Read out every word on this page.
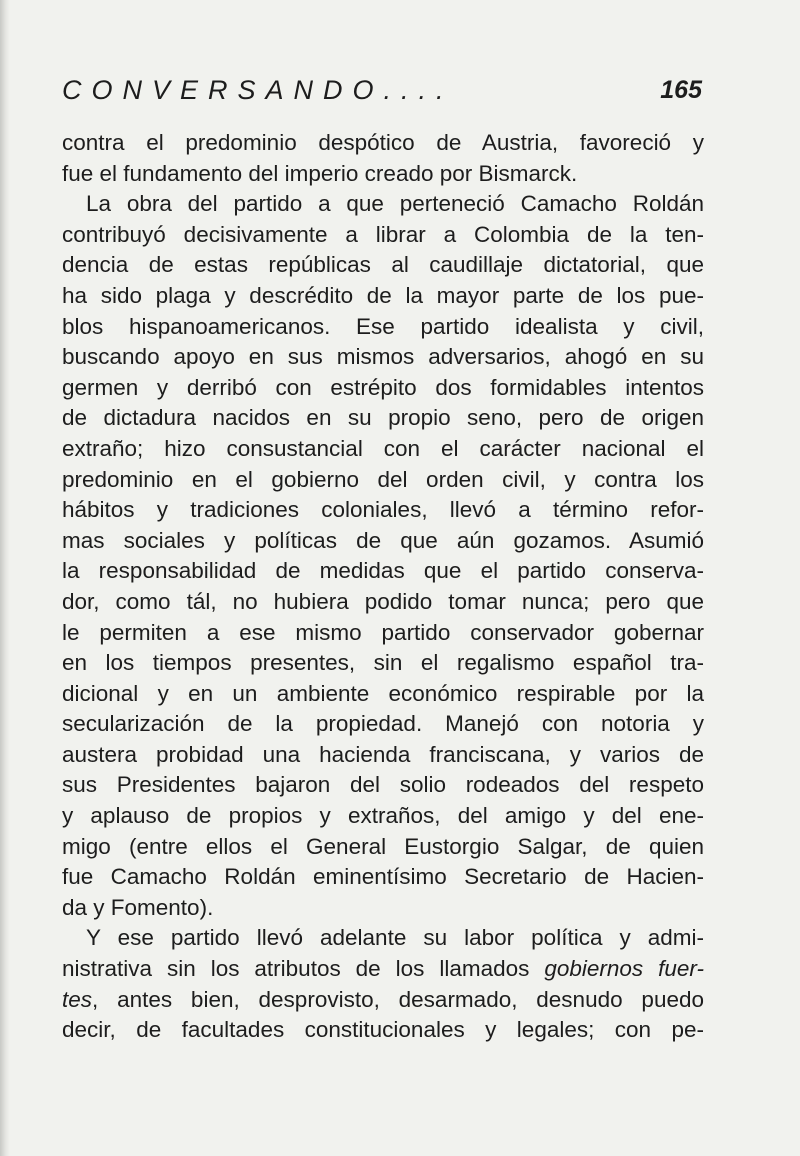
CONVERSANDO....	165
contra el predominio despótico de Austria, favoreció y
fue el fundamento del imperio creado por Bismarck.
La obra del partido a que perteneció Camacho Roldán
contribuyó decisivamente a librar a Colombia de la ten-
dencia de estas repúblicas al caudillaje dictatorial, que
ha sido plaga y descrédito de la mayor parte de los pue-
blos hispanoamericanos. Ese partido idealista y civil,
buscando apoyo en sus mismos adversarios, ahogó en su
germen y derribó con estrépito dos formidables intentos
de dictadura nacidos en su propio seno, pero de origen
extraño; hizo consustancial con el carácter nacional el
predominio en el gobierno del orden civil, y contra los
hábitos y tradiciones coloniales, llevó a término refor-
mas sociales y políticas de que aún gozamos. Asumió
la responsabilidad de medidas que el partido conserva-
dor, como tál, no hubiera podido tomar nunca; pero que
le permiten a ese mismo partido conservador gobernar
en los tiempos presentes, sin el regalismo español tra-
dicional y en un ambiente económico respirable por la
secularización de la propiedad. Manejó con notoria y
austera probidad una hacienda franciscana, y varios de
sus Presidentes bajaron del solio rodeados del respeto
y aplauso de propios y extraños, del amigo y del ene-
migo (entre ellos el General Eustorgio Salgar, de quien
fue Camacho Roldán eminentísimo Secretario de Hacien-
da y Fomento).
Y ese partido llevó adelante su labor política y admi-
nistrativa sin los atributos de los llamados gobiernos fuer-
tes, antes bien, desprovisto, desarmado, desnudo puedo
decir, de facultades constitucionales y legales; con pe-
